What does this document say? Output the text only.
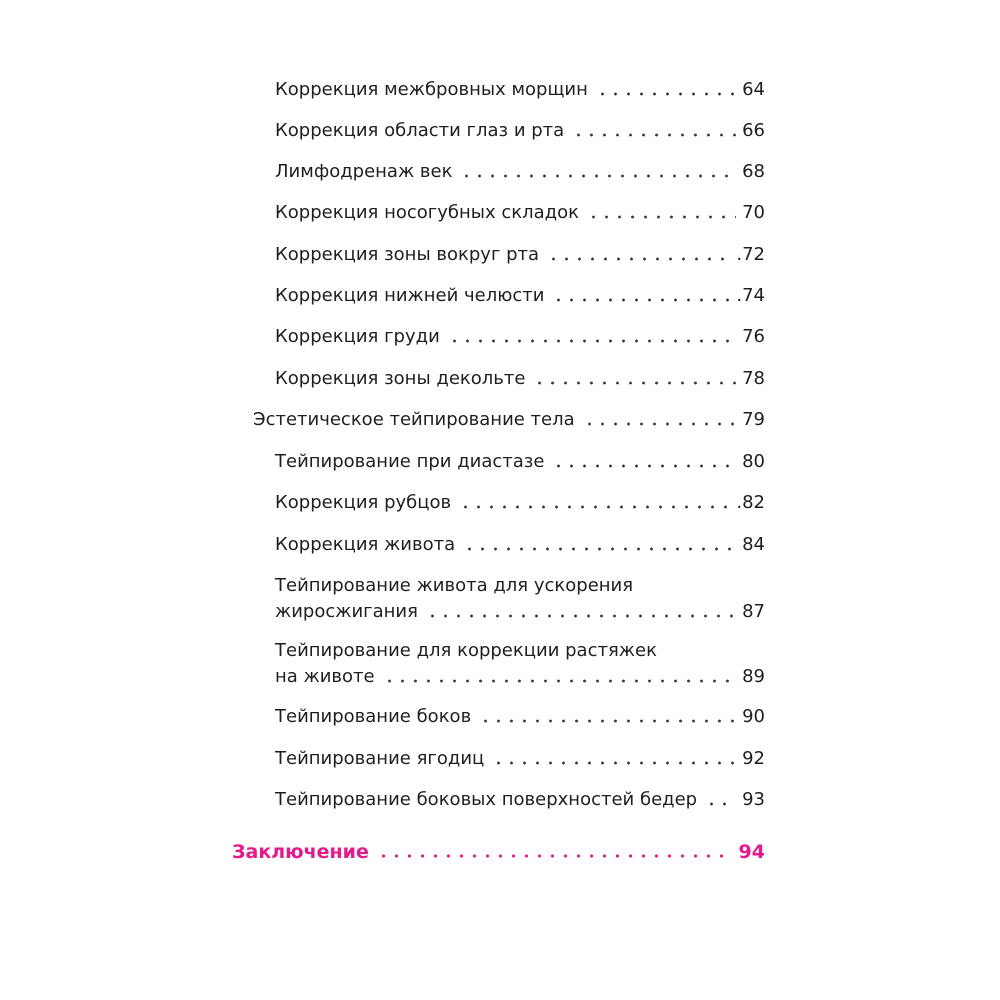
Коррекция межбровных морщин	64
Коррекция области глаз и рта	66
Лимфодренаж век	68
Коррекция носогубных складок	70
Коррекция зоны вокруг рта	.72
Коррекция нижней челюсти	.74
Коррекция груди	76
Коррекция зоны декольте	78
Эстетическое тейпирование тела	79
Тейпирование при диастазе	80
Коррекция рубцов	.82
Коррекция живота	84
Тейпирование живота для ускорения
жиросжигания	87
Тейпирование для коррекции растяжек
на животе	89
Тейпирование боков	90
Тейпирование ягодиц	92
Тейпирование боковых поверхностей бедер	93
Заключение	94
